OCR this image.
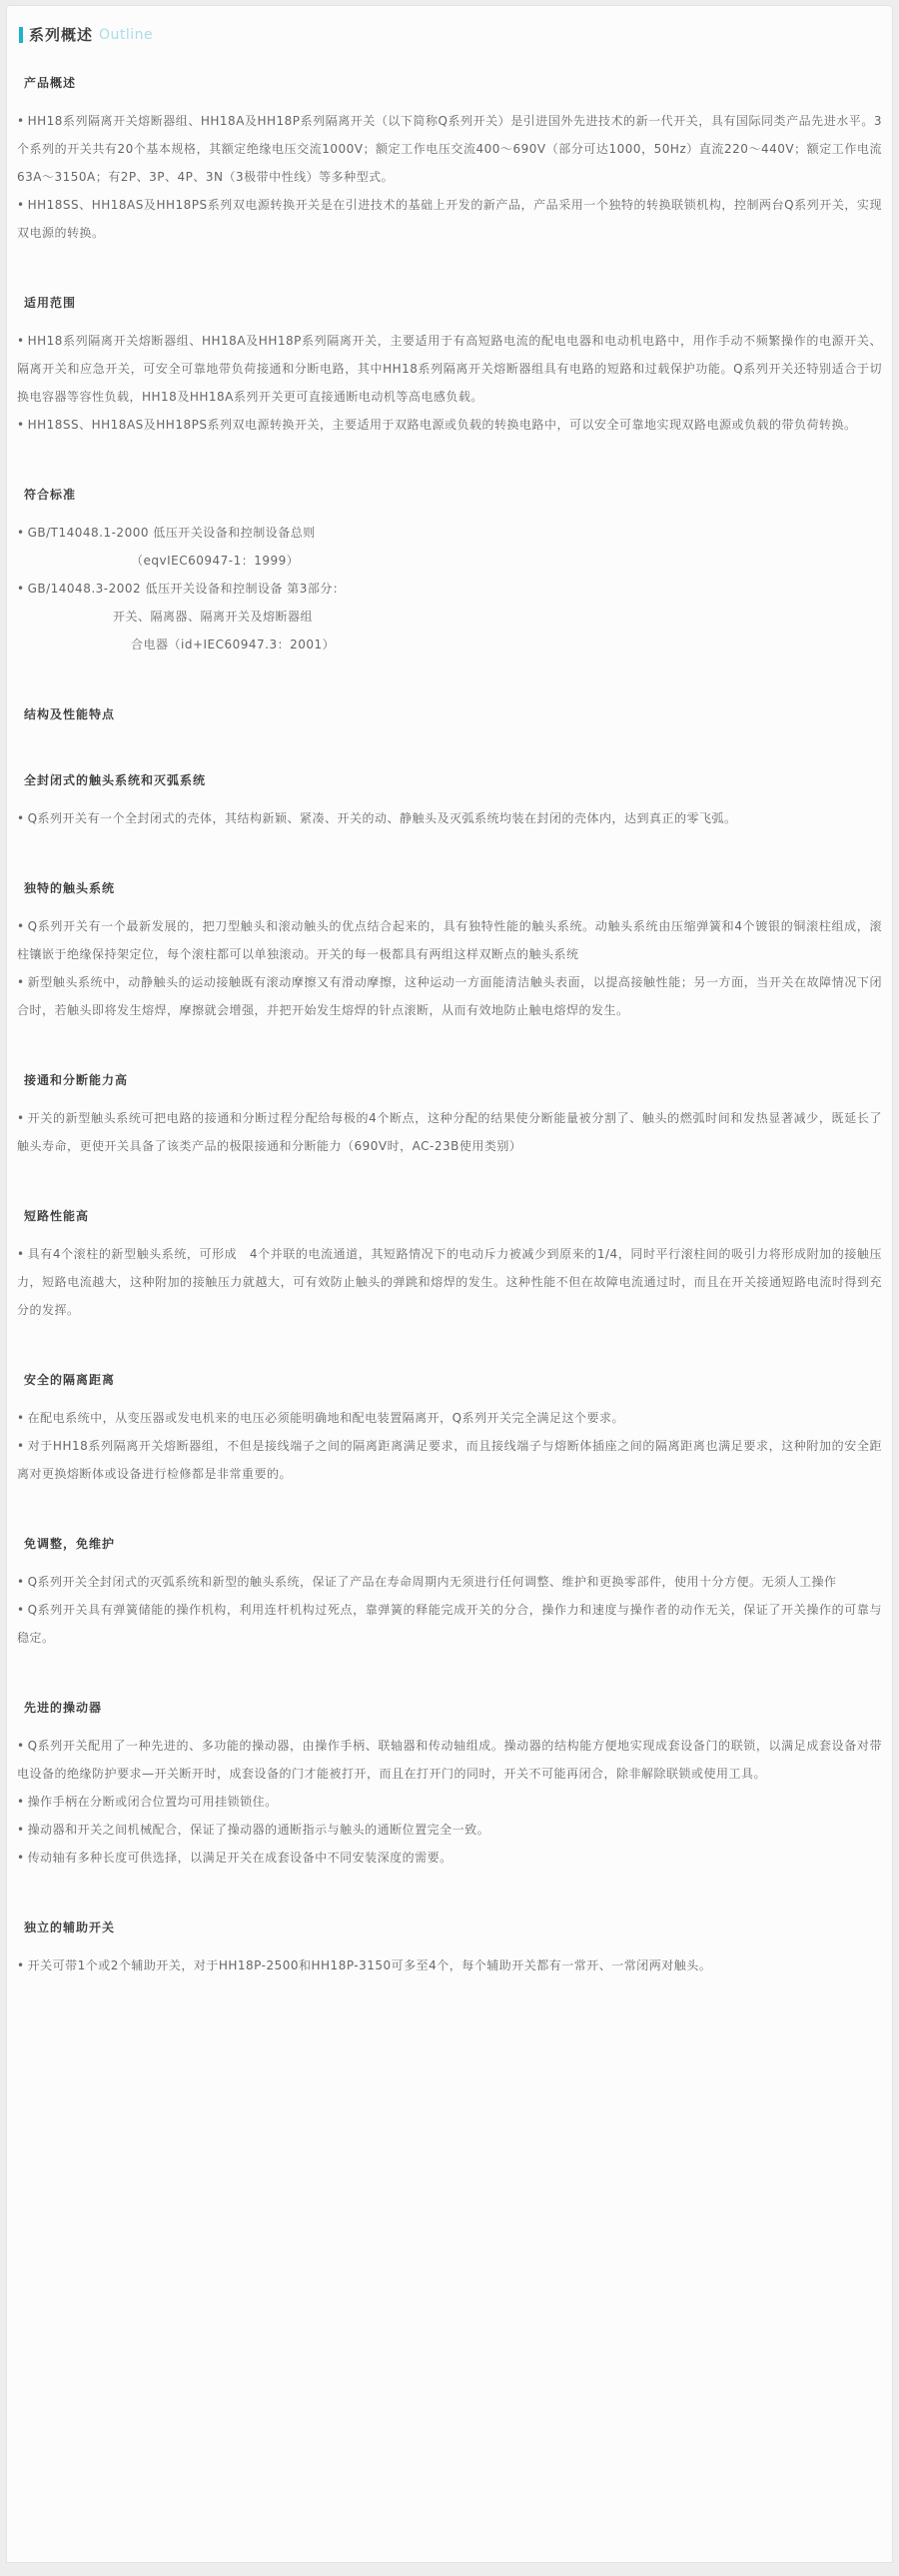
系列概述 Outline
产品概述

• HH18系列隔离开关熔断器组、HH18A及HH18P系列隔离开关（以下简称Q系列开关）是引进国外先进技术的新一代开关，具有国际同类产品先进水平。3个系列的开关共有20个基本规格，其额定绝缘电压交流1000V；额定工作电压交流400～690V（部分可达1000，50Hz）直流220～440V；额定工作电流63A～3150A；有2P、3P、4P、3N（3极带中性线）等多种型式。

• HH18SS、HH18AS及HH18PS系列双电源转换开关是在引进技术的基础上开发的新产品，产品采用一个独特的转换联锁机构，控制两台Q系列开关，实现双电源的转换。

适用范围

• HH18系列隔离开关熔断器组、HH18A及HH18P系列隔离开关，主要适用于有高短路电流的配电电器和电动机电路中，用作手动不频繁操作的电源开关、隔离开关和应急开关，可安全可靠地带负荷接通和分断电路，其中HH18系列隔离开关熔断器组具有电路的短路和过载保护功能。Q系列开关还特别适合于切换电容器等容性负载，HH18及HH18A系列开关更可直接通断电动机等高电感负载。

• HH18SS、HH18AS及HH18PS系列双电源转换开关，主要适用于双路电源或负载的转换电路中，可以安全可靠地实现双路电源或负载的带负荷转换。

符合标准

• GB/T14048.1-2000 低压开关设备和控制设备总则

（eqvIEC60947-1：1999）

• GB/14048.3-2002 低压开关设备和控制设备 第3部分：

开关、隔离器、隔离开关及熔断器组

合电器（id+IEC60947.3：2001）

结构及性能特点
全封闭式的触头系统和灭弧系统

• Q系列开关有一个全封闭式的壳体，其结构新颖、紧凑、开关的动、静触头及灭弧系统均装在封闭的壳体内，达到真正的零飞弧。

独特的触头系统

• Q系列开关有一个最新发展的，把刀型触头和滚动触头的优点结合起来的，具有独特性能的触头系统。动触头系统由压缩弹簧和4个镀银的铜滚柱组成，滚柱镶嵌于绝缘保持架定位，每个滚柱都可以单独滚动。开关的每一极都具有两组这样双断点的触头系统

• 新型触头系统中，动静触头的运动接触既有滚动摩擦又有滑动摩擦，这种运动一方面能清洁触头表面，以提高接触性能；另一方面，当开关在故障情况下闭合时，若触头即将发生熔焊，摩擦就会增强，并把开始发生熔焊的针点滚断，从而有效地防止触电熔焊的发生。

接通和分断能力高

• 开关的新型触头系统可把电路的接通和分断过程分配给每极的4个断点，这种分配的结果使分断能量被分割了、触头的燃弧时间和发热显著减少，既延长了触头寿命，更使开关具备了该类产品的极限接通和分断能力（690V时，AC-23B使用类别）

短路性能高

• 具有4个滚柱的新型触头系统，可形成　4个并联的电流通道，其短路情况下的电动斥力被减少到原来的1/4，同时平行滚柱间的吸引力将形成附加的接触压力，短路电流越大，这种附加的接触压力就越大，可有效防止触头的弹跳和熔焊的发生。这种性能不但在故障电流通过时，而且在开关接通短路电流时得到充分的发挥。

安全的隔离距离

• 在配电系统中，从变压器或发电机来的电压必须能明确地和配电装置隔离开，Q系列开关完全满足这个要求。

• 对于HH18系列隔离开关熔断器组，不但是接线端子之间的隔离距离满足要求，而且接线端子与熔断体插座之间的隔离距离也满足要求，这种附加的安全距离对更换熔断体或设备进行检修都是非常重要的。

免调整，免维护

• Q系列开关全封闭式的灭弧系统和新型的触头系统，保证了产品在寿命周期内无须进行任何调整、维护和更换零部件，使用十分方便。无须人工操作

• Q系列开关具有弹簧储能的操作机构，利用连杆机构过死点，靠弹簧的释能完成开关的分合，操作力和速度与操作者的动作无关，保证了开关操作的可靠与稳定。

先进的操动器

• Q系列开关配用了一种先进的、多功能的操动器，由操作手柄、联轴器和传动轴组成。操动器的结构能方便地实现成套设备门的联锁，以满足成套设备对带电设备的绝缘防护要求—开关断开时，成套设备的门才能被打开，而且在打开门的同时，开关不可能再闭合，除非解除联锁或使用工具。

• 操作手柄在分断或闭合位置均可用挂锁锁住。

• 操动器和开关之间机械配合，保证了操动器的通断指示与触头的通断位置完全一致。

• 传动轴有多种长度可供选择，以满足开关在成套设备中不同安装深度的需要。

独立的辅助开关

• 开关可带1个或2个辅助开关，对于HH18P-2500和HH18P-3150可多至4个，每个辅助开关都有一常开、一常闭两对触头。
